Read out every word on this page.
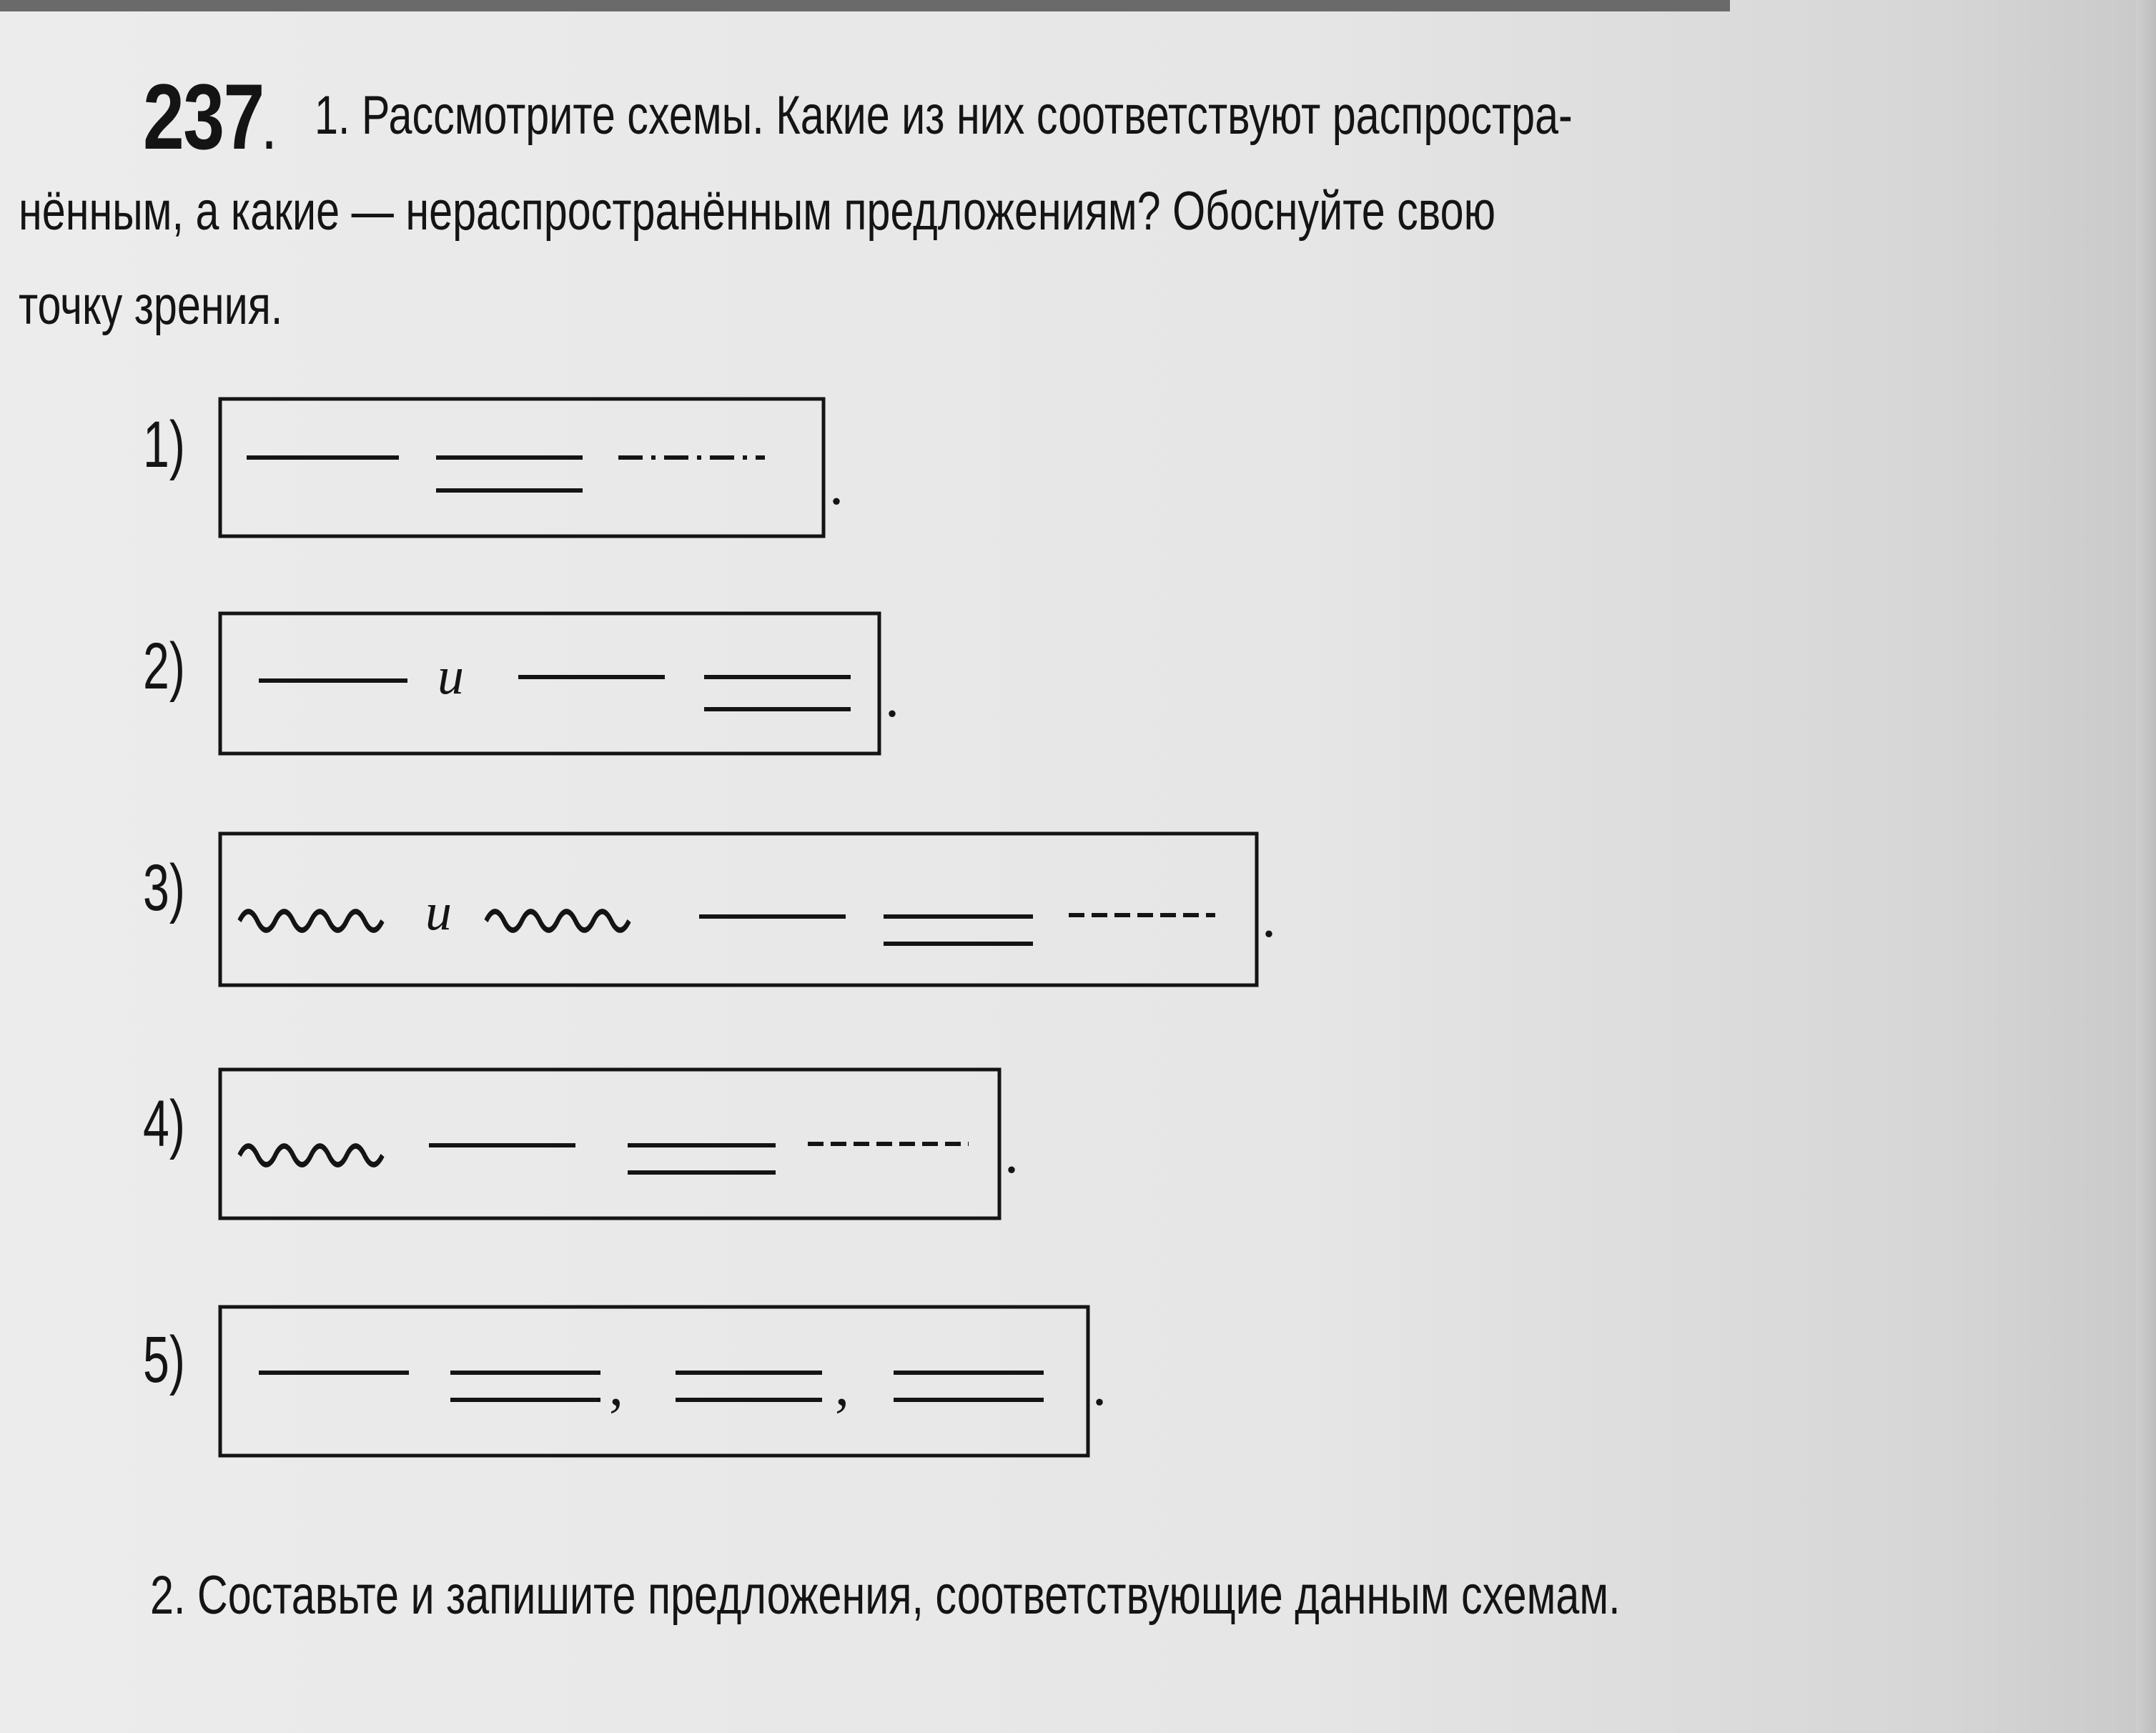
237. 1. Рассмотрите схемы. Какие из них соответствуют распростра-
нённым, а какие — нераспространённым предложениям? Обоснуйте свою
точку зрения.
1)
2)
3)
4)
5)
.
.
и
и	.
.
,	,	.
2. Составьте и запишите предложения, соответствующие данным схемам.
